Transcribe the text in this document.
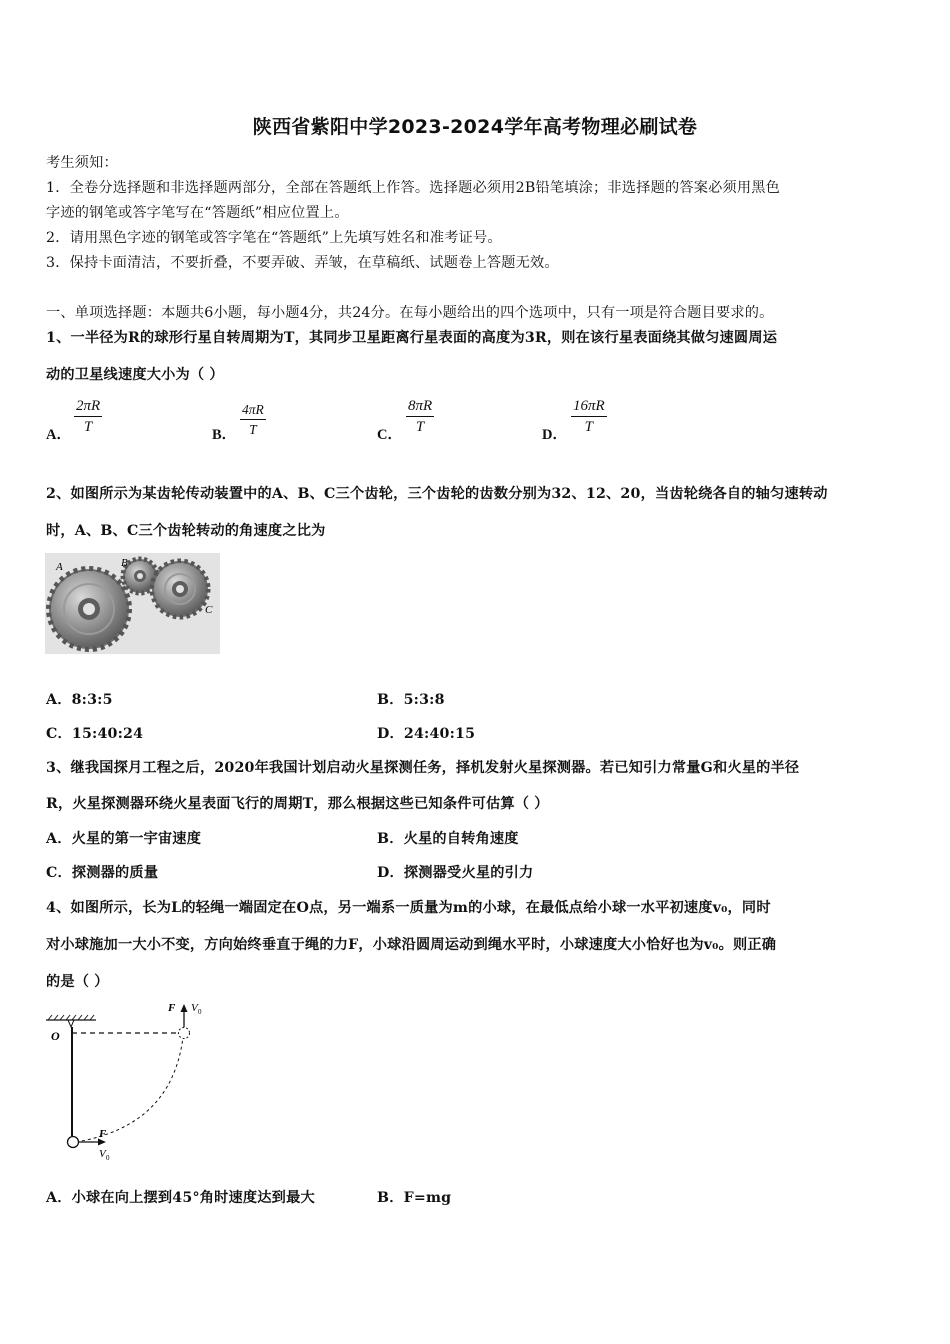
陕西省紫阳中学2023-2024学年高考物理必刷试卷
考生须知：
1．全卷分选择题和非选择题两部分，全部在答题纸上作答。选择题必须用2B铅笔填涂；非选择题的答案必须用黑色
字迹的钢笔或答字笔写在“答题纸”相应位置上。
2．请用黑色字迹的钢笔或答字笔在“答题纸”上先填写姓名和准考证号。
3．保持卡面清洁，不要折叠，不要弄破、弄皱，在草稿纸、试题卷上答题无效。
一、单项选择题：本题共6小题，每小题4分，共24分。在每小题给出的四个选项中，只有一项是符合题目要求的。
1、一半径为R的球形行星自转周期为T，其同步卫星距离行星表面的高度为3R，则在该行星表面绕其做匀速圆周运
动的卫星线速度大小为（ ）
A． $\frac{2\pi R}{T}$	B． $\frac{4\pi R}{T}$	C． $\frac{8\pi R}{T}$	D． $\frac{16\pi R}{T}$
2、如图所示为某齿轮传动装置中的A、B、C三个齿轮，三个齿轮的齿数分别为32、12、20，当齿轮绕各自的轴匀速转动
时，A、B、C三个齿轮转动的角速度之比为
A	B
C
A．8:3:5	B．5:3:8
C．15:40:24	D．24:40:15
3、继我国探月工程之后，2020年我国计划启动火星探测任务，择机发射火星探测器。若已知引力常量G和火星的半径
R，火星探测器环绕火星表面飞行的周期T，那么根据这些已知条件可估算（ ）
A．火星的第一宇宙速度	B．火星的自转角速度
C．探测器的质量	D．探测器受火星的引力
4、如图所示，长为L的轻绳一端固定在O点，另一端系一质量为m的小球，在最低点给小球一水平初速度v₀，同时
对小球施加一大小不变，方向始终垂直于绳的力F，小球沿圆周运动到绳水平时，小球速度大小恰好也为v₀。则正确
的是（ ）
O
F V 0
F
V 0
A．小球在向上摆到45°角时速度达到最大	B．F=mg
